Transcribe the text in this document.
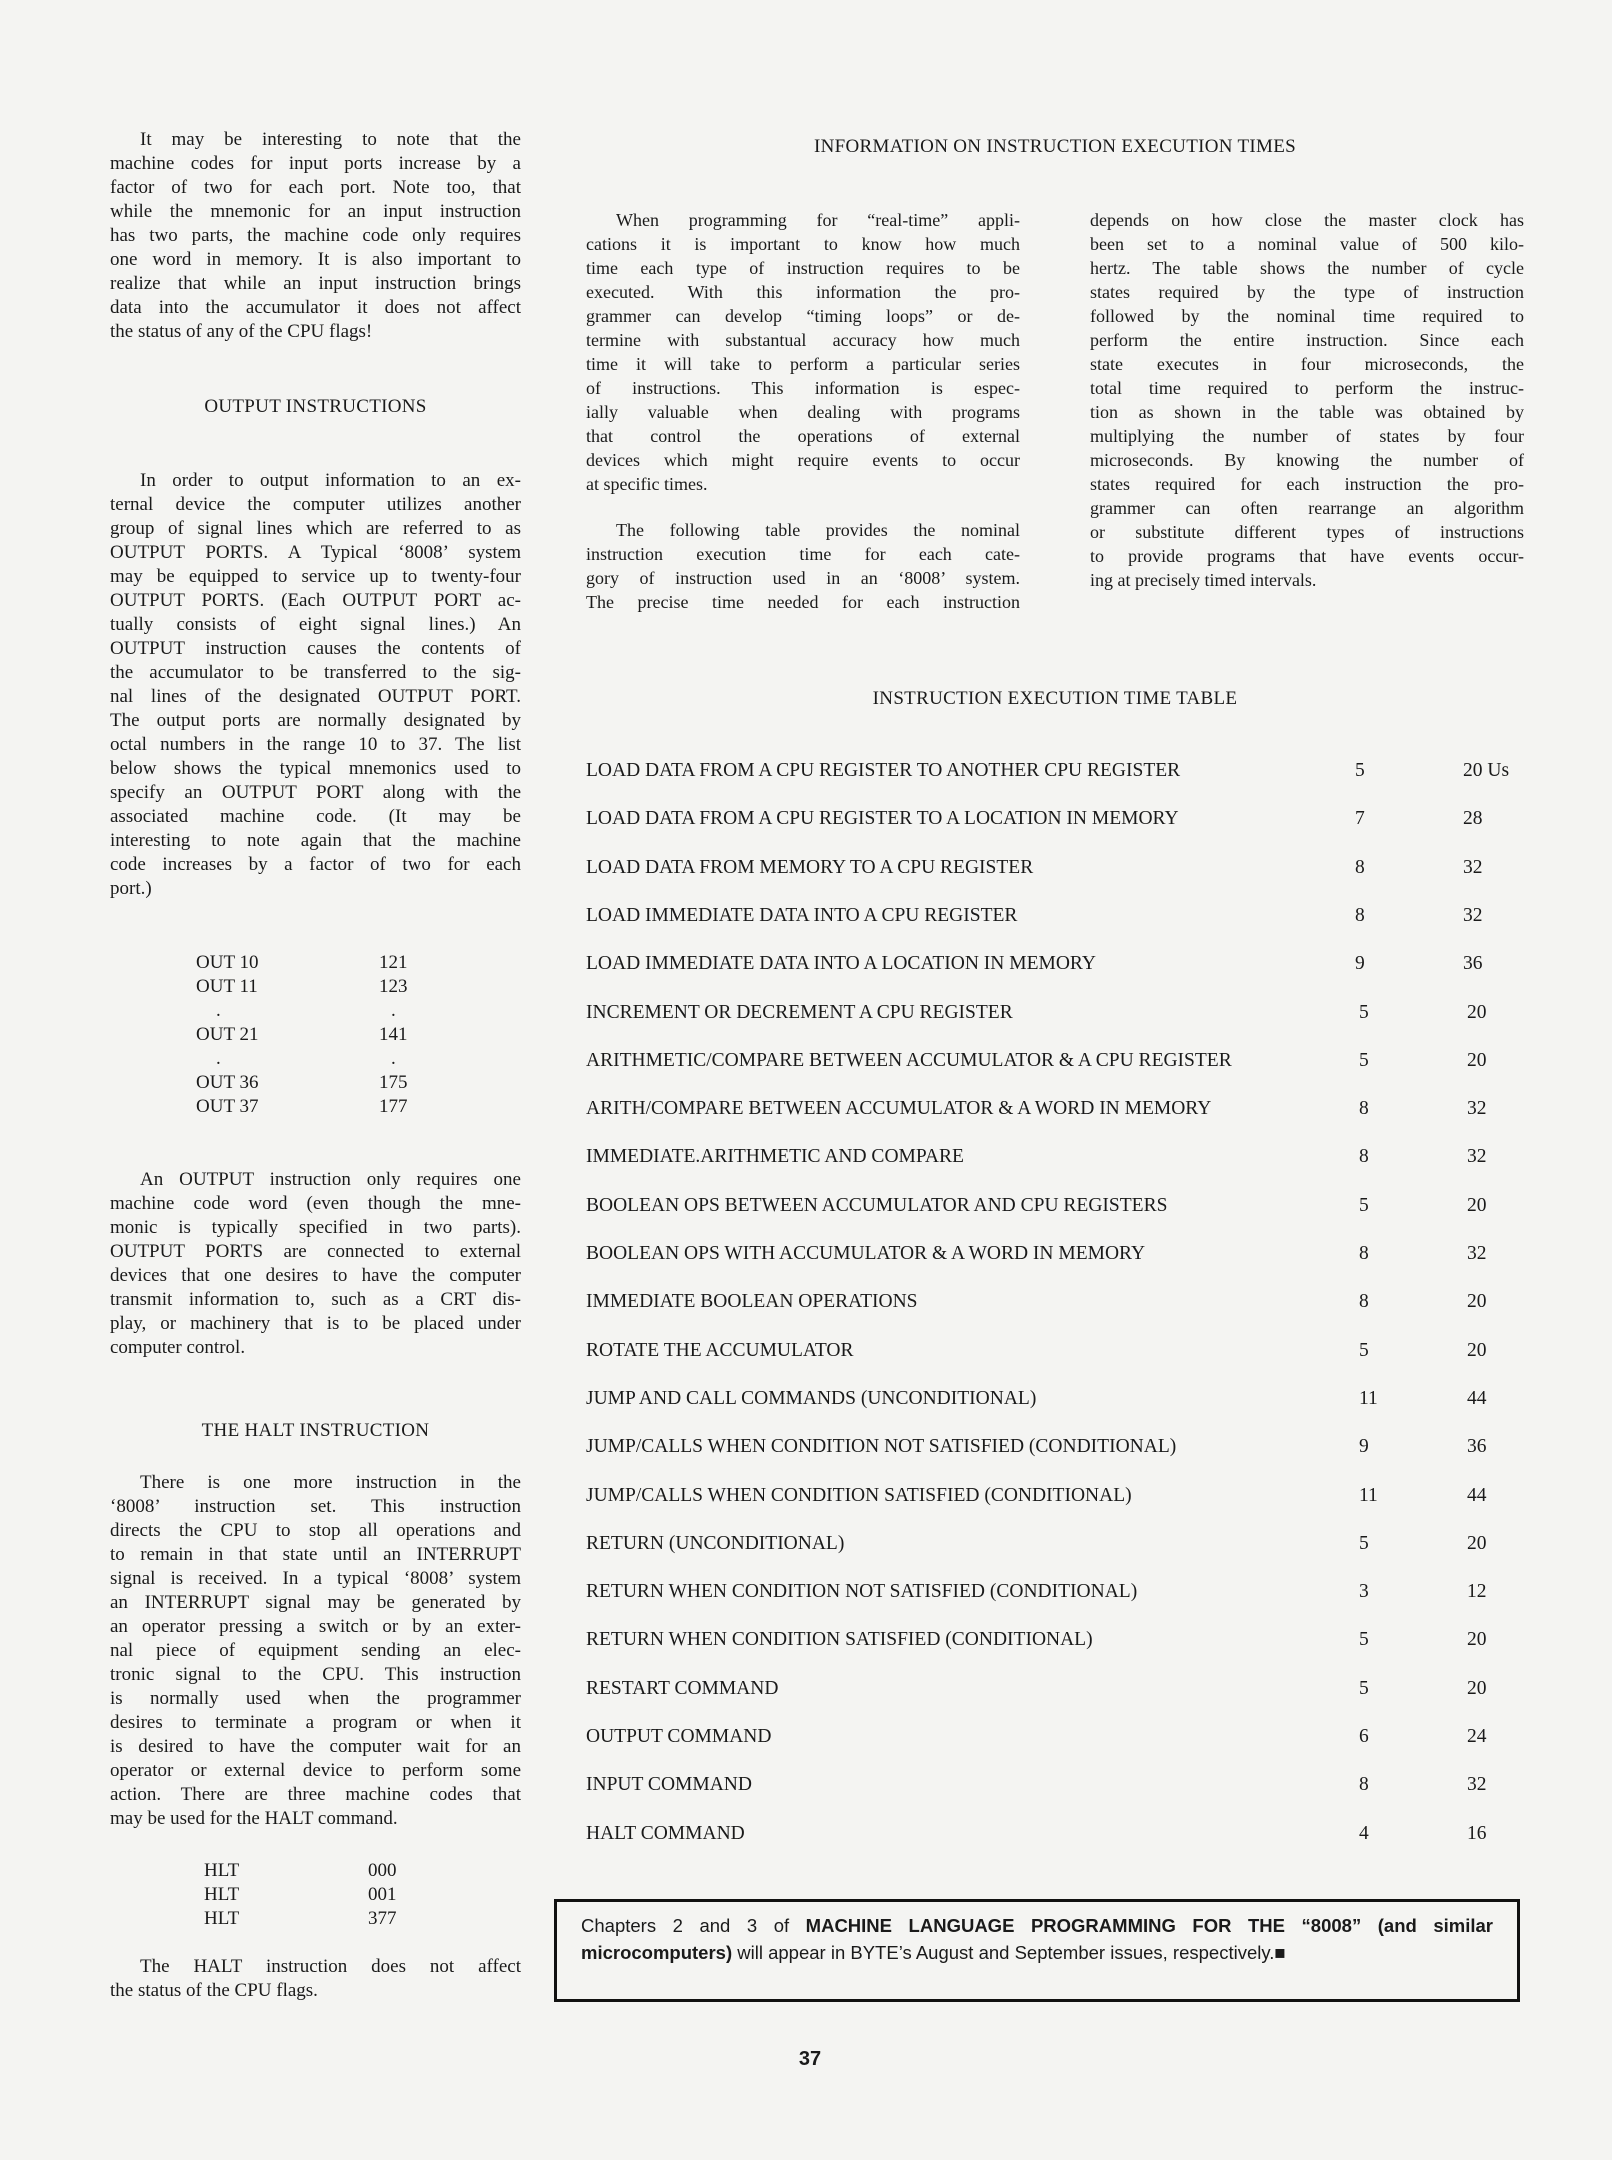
It may be interesting to note that the
machine codes for input ports increase by a
factor of two for each port. Note too, that
while the mnemonic for an input instruction
has two parts, the machine code only requires
one word in memory. It is also important to
realize that while an input instruction brings
data into the accumulator it does not affect
the status of any of the CPU flags!
OUTPUT INSTRUCTIONS
In order to output information to an ex-
ternal device the computer utilizes another
group of signal lines which are referred to as
OUTPUT PORTS. A Typical ‘8008’ system
may be equipped to service up to twenty-four
OUTPUT PORTS. (Each OUTPUT PORT ac-
tually consists of eight signal lines.) An
OUTPUT instruction causes the contents of
the accumulator to be transferred to the sig-
nal lines of the designated OUTPUT PORT.
The output ports are normally designated by
octal numbers in the range 10 to 37. The list
below shows the typical mnemonics used to
specify an OUTPUT PORT along with the
associated machine code. (It may be
interesting to note again that the machine
code increases by a factor of two for each
port.)
OUT 10	121
OUT 11	123
.	.
OUT 21	141
.	.
OUT 36	175
OUT 37	177
An OUTPUT instruction only requires one
machine code word (even though the mne-
monic is typically specified in two parts).
OUTPUT PORTS are connected to external
devices that one desires to have the computer
transmit information to, such as a CRT dis-
play, or machinery that is to be placed under
computer control.
THE HALT INSTRUCTION
There is one more instruction in the
‘8008’ instruction set. This instruction
directs the CPU to stop all operations and
to remain in that state until an INTERRUPT
signal is received. In a typical ‘8008’ system
an INTERRUPT signal may be generated by
an operator pressing a switch or by an exter-
nal piece of equipment sending an elec-
tronic signal to the CPU. This instruction
is normally used when the programmer
desires to terminate a program or when it
is desired to have the computer wait for an
operator or external device to perform some
action. There are three machine codes that
may be used for the HALT command.
HLT	000
HLT	001
HLT	377
The HALT instruction does not affect
the status of the CPU flags.
INFORMATION ON INSTRUCTION EXECUTION TIMES
When programming for “real-time” appli-
cations it is important to know how much
time each type of instruction requires to be
executed. With this information the pro-
grammer can develop “timing loops” or de-
termine with substantual accuracy how much
time it will take to perform a particular series
of instructions. This information is espec-
ially valuable when dealing with programs
that control the operations of external
devices which might require events to occur
at specific times.
The following table provides the nominal
instruction execution time for each cate-
gory of instruction used in an ‘8008’ system.
The precise time needed for each instruction
depends on how close the master clock has
been set to a nominal value of 500 kilo-
hertz. The table shows the number of cycle
states required by the type of instruction
followed by the nominal time required to
perform the entire instruction. Since each
state executes in four microseconds, the
total time required to perform the instruc-
tion as shown in the table was obtained by
multiplying the number of states by four
microseconds. By knowing the number of
states required for each instruction the pro-
grammer can often rearrange an algorithm
or substitute different types of instructions
to provide programs that have events occur-
ing at precisely timed intervals.
INSTRUCTION EXECUTION TIME TABLE
LOAD DATA FROM A CPU REGISTER TO ANOTHER CPU REGISTER	5	20 Us
LOAD DATA FROM A CPU REGISTER TO A LOCATION IN MEMORY	7	28
LOAD DATA FROM MEMORY TO A CPU REGISTER	8	32
LOAD IMMEDIATE DATA INTO A CPU REGISTER	8	32
LOAD IMMEDIATE DATA INTO A LOCATION IN MEMORY	9	36
INCREMENT OR DECREMENT A CPU REGISTER	5	20
ARITHMETIC/COMPARE BETWEEN ACCUMULATOR & A CPU REGISTER	5	20
ARITH/COMPARE BETWEEN ACCUMULATOR & A WORD IN MEMORY	8	32
IMMEDIATE.ARITHMETIC AND COMPARE	8	32
BOOLEAN OPS BETWEEN ACCUMULATOR AND CPU REGISTERS	5	20
BOOLEAN OPS WITH ACCUMULATOR & A WORD IN MEMORY	8	32
IMMEDIATE BOOLEAN OPERATIONS	8	20
ROTATE THE ACCUMULATOR	5	20
JUMP AND CALL COMMANDS (UNCONDITIONAL)	11	44
JUMP/CALLS WHEN CONDITION NOT SATISFIED (CONDITIONAL)	9	36
JUMP/CALLS WHEN CONDITION SATISFIED (CONDITIONAL)	11	44
RETURN (UNCONDITIONAL)	5	20
RETURN WHEN CONDITION NOT SATISFIED (CONDITIONAL)	3	12
RETURN WHEN CONDITION SATISFIED (CONDITIONAL)	5	20
RESTART COMMAND	5	20
OUTPUT COMMAND	6	24
INPUT COMMAND	8	32
HALT COMMAND	4	16
Chapters 2 and 3 of MACHINE LANGUAGE PROGRAMMING FOR THE “8008” (and similar microcomputers) will appear in BYTE’s August and September issues, respectively.■
37
